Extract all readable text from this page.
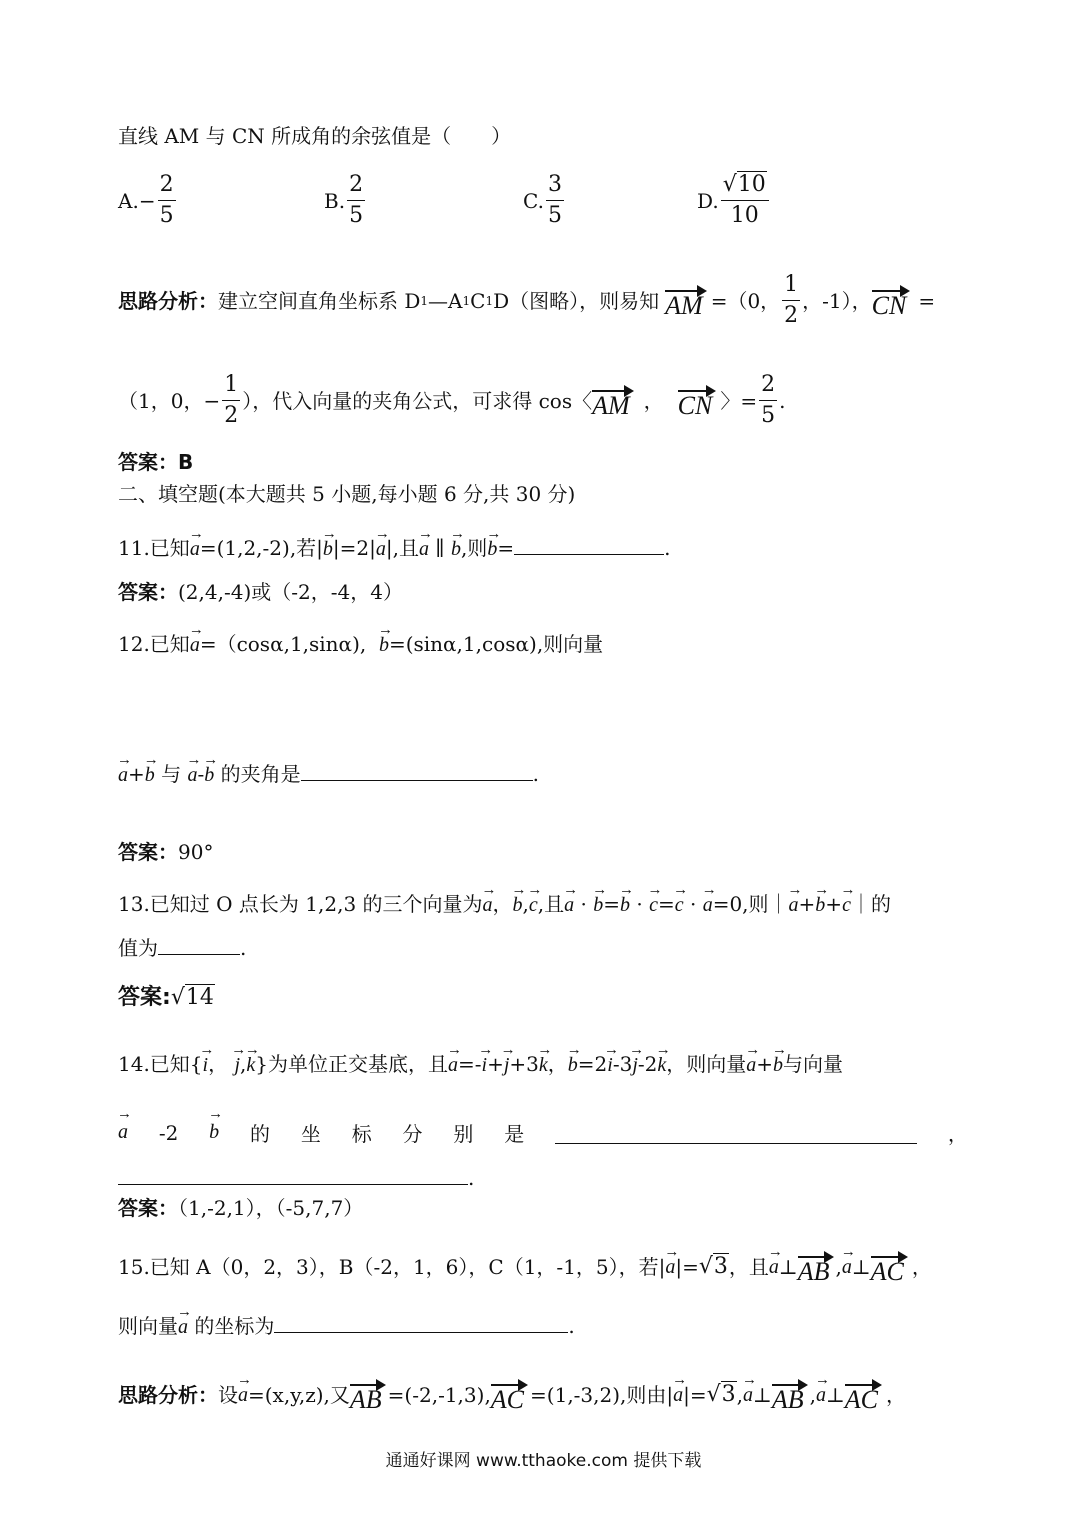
直线 AM 与 CN 所成角的余弦值是（　　）
A. − $\frac{2}{5}$	B. $\frac{2}{5}$	C. $\frac{3}{5}$	D. $\frac{√10}{10}$
思路分析： 建立空间直角坐标系 D 1 —A 1 C 1 D（图略），则易知 AM =（0， $\frac{1}{2}$ ，-1）， CN =
（1，0，− $\frac{1}{2}$ ），代入向量的夹角公式，可求得 cos〈 AM ， CN 〉= $\frac{2}{5}$ .
答案：B
二、填空题(本大题共 5 小题,每小题 6 分,共 30 分)
11.已知→ a=(1,2,-2),若|→ b|=2|→ a|,且→ a ∥ → b,则→ b=	.
答案：(2,4,-4)或（-2，-4，4）
12.已知→ a=（cosα,1,sinα), → b=(sinα,1,cosα),则向量
→ a+→ b 与 → a-→ b 的夹角是	.
答案：90°
13.已知过 O 点长为 1,2,3 的三个向量为→ a，→ b,→ c,且→ a · → b=→ b · → c=→ c · → a=0,则｜→ a+→ b+→ c｜的
值为	.
答案:√14
14.已知{→ i， → j,→ k}为单位正交基底，且→ a=-→ i+→ j+3→ k，→ b=2→ i-3→ j-2→ k，则向量→ a+→ b与向量
→ a -2 → b 的 坐 标 分 别 是	，
.
答案：（1,-2,1），（-5,7,7）
15.已知 A（0，2，3），B（-2，1，6），C（1，-1，5），若| → a |= √3 ，且 → a ⊥ AB , → a ⊥ AC ，
则向量→ a 的坐标为	.
思路分析： 设 → a =(x,y,z),又 AB =(-2,-1,3), AC =(1,-3,2),则由| → a |= √3 , → a ⊥ AB , → a ⊥ AC ，
通通好课网 www.tthaoke.com 提供下载
